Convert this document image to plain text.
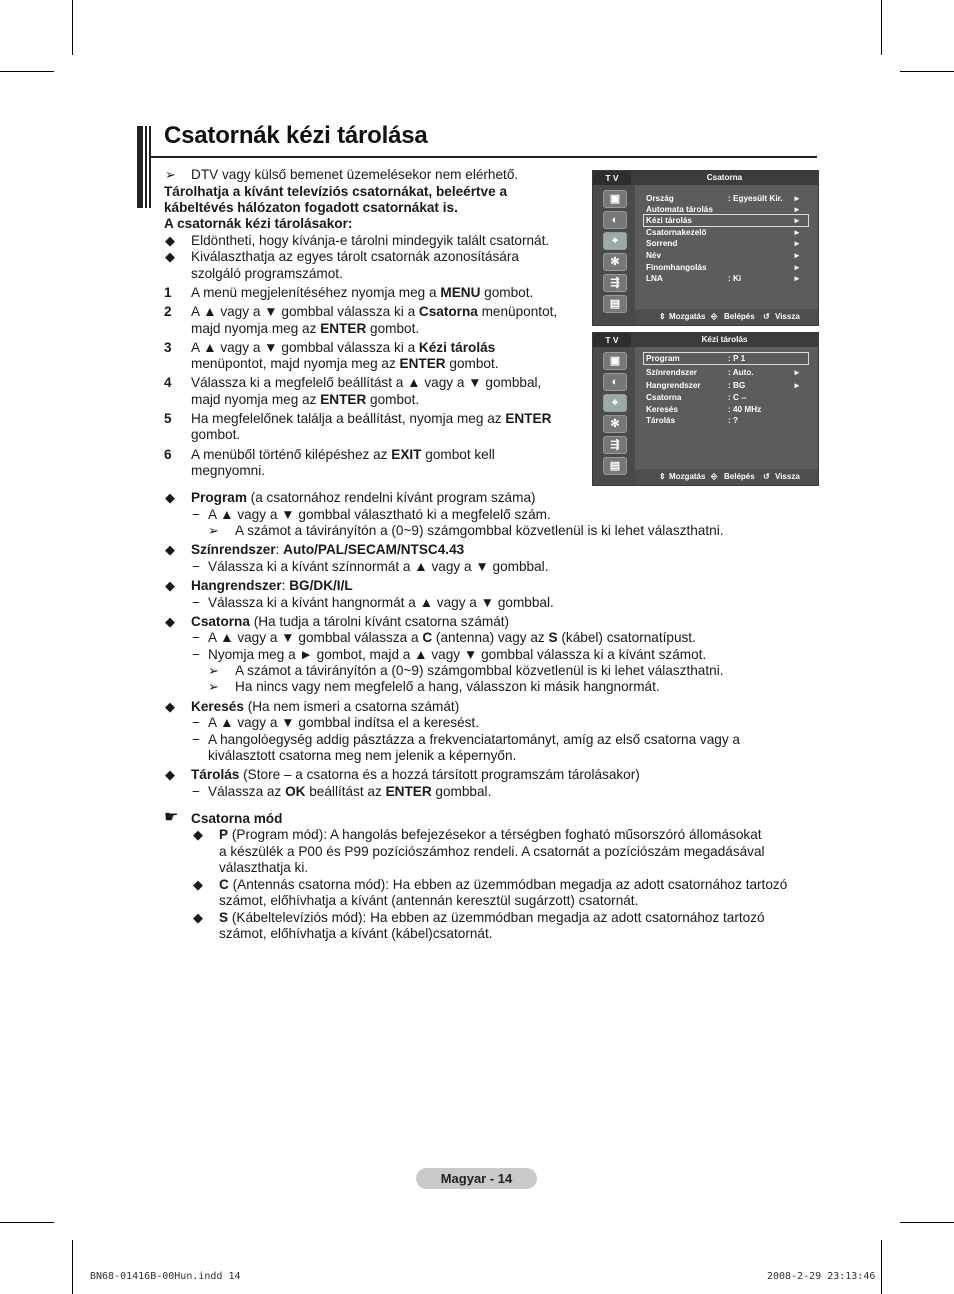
Csatornák kézi tárolása
➢ DTV vagy külső bemenet üzemelésekor nem elérhető.
Tárolhatja a kívánt televíziós csatornákat, beleértve a
kábeltévés hálózaton fogadott csatornákat is.
A csatornák kézi tárolásakor:
◆ Eldöntheti, hogy kívánja-e tárolni mindegyik talált csatornát.
◆ Kiválaszthatja az egyes tárolt csatornák azonosítására
szolgáló programszámot.
1 A menü megjelenítéséhez nyomja meg a MENU gombot.
2 A ▲ vagy a ▼ gombbal válassza ki a Csatorna menüpontot,
majd nyomja meg az ENTER gombot.
3 A ▲ vagy a ▼ gombbal válassza ki a Kézi tárolás
menüpontot, majd nyomja meg az ENTER gombot.
4 Válassza ki a megfelelő beállítást a ▲ vagy a ▼ gombbal,
majd nyomja meg az ENTER gombot.
5 Ha megfelelőnek találja a beállítást, nyomja meg az ENTER
gombot.
6 A menüből történő kilépéshez az EXIT gombot kell
megnyomni.
T V	Csatorna
▣
◐
⌖
✻
⇶
▤
Ország	: Egyesült Kir. ►
Automata tárolás	►
Kézi tárolás	►
Csatornakezelő	►
Sorrend	►
Név	►
Finomhangolás	►
LNA	: Ki	►
⇕ Mozgatás ⎆ Belépés ↺ Vissza
T V	Kézi tárolás
▣
◐
⌖
✻
⇶
▤
Program	: P 1
Színrendszer	: Auto.	►
Hangrendszer	: BG	►
Csatorna	: C --
Keresés	: 40 MHz
Tárolás	: ?
⇕ Mozgatás ⎆ Belépés ↺ Vissza
◆ Program (a csatornához rendelni kívánt program száma)
− A ▲ vagy a ▼ gombbal választható ki a megfelelő szám.
➢ A számot a távirányítón a (0~9) számgombbal közvetlenül is ki lehet választhatni.
◆ Színrendszer: Auto/PAL/SECAM/NTSC4.43
− Válassza ki a kívánt színnormát a ▲ vagy a ▼ gombbal.
◆ Hangrendszer: BG/DK/I/L
− Válassza ki a kívánt hangnormát a ▲ vagy a ▼ gombbal.
◆ Csatorna (Ha tudja a tárolni kívánt csatorna számát)
− A ▲ vagy a ▼ gombbal válassza a C (antenna) vagy az S (kábel) csatornatípust.
− Nyomja meg a ► gombot, majd a ▲ vagy ▼ gombbal válassza ki a kívánt számot.
➢ A számot a távirányítón a (0~9) számgombbal közvetlenül is ki lehet választhatni.
➢ Ha nincs vagy nem megfelelő a hang, válasszon ki másik hangnormát.
◆ Keresés (Ha nem ismeri a csatorna számát)
− A ▲ vagy a ▼ gombbal indítsa el a keresést.
− A hangolóegység addig pásztázza a frekvenciatartományt, amíg az első csatorna vagy a
kiválasztott csatorna meg nem jelenik a képernyőn.
◆ Tárolás (Store – a csatorna és a hozzá társított programszám tárolásakor)
− Válassza az OK beállítást az ENTER gombbal.
☛ Csatorna mód
◆ P (Program mód): A hangolás befejezésekor a térségben fogható műsorszóró állomásokat
a készülék a P00 és P99 pozíciószámhoz rendeli. A csatornát a pozíciószám megadásával
választhatja ki.
◆ C (Antennás csatorna mód): Ha ebben az üzemmódban megadja az adott csatornához tartozó
számot, előhívhatja a kívánt (antennán keresztül sugárzott) csatornát.
◆ S (Kábeltelevíziós mód): Ha ebben az üzemmódban megadja az adott csatornához tartozó
számot, előhívhatja a kívánt (kábel)csatornát.
Magyar - 14
BN68-01416B-00Hun.indd 14	2008-2-29 23:13:46
